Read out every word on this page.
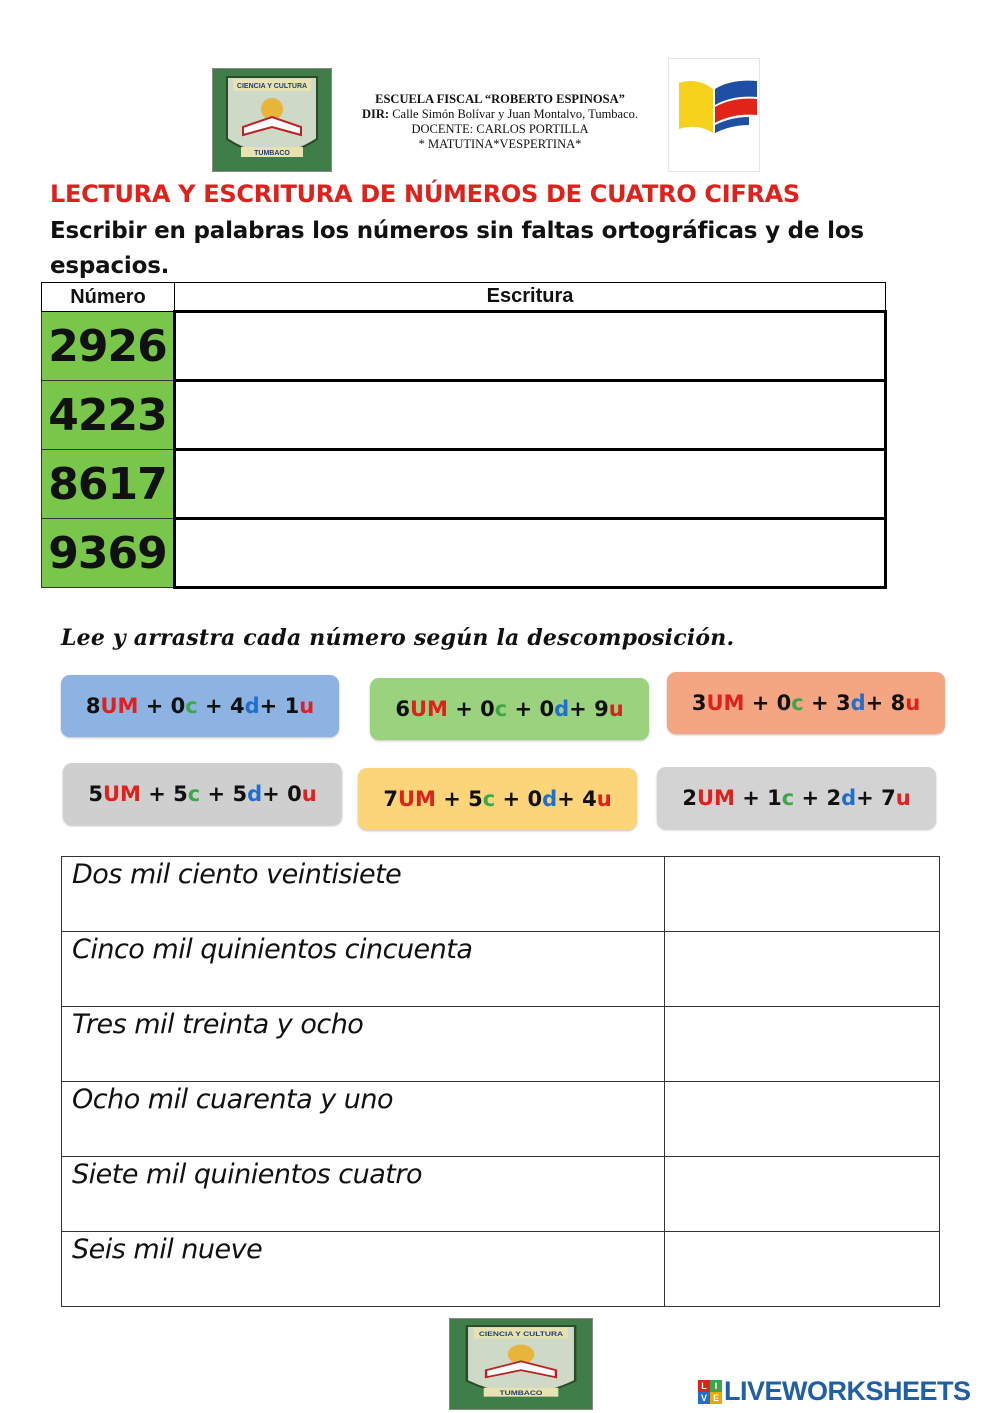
CIENCIA Y CULTURA
TUMBACO
ESCUELA FISCAL “ROBERTO ESPINOSA”
DIR: Calle Simón Bolívar y Juan Montalvo, Tumbaco.
DOCENTE: CARLOS PORTILLA
* MATUTINA*VESPERTINA*
LECTURA Y ESCRITURA DE NÚMEROS DE CUATRO CIFRAS
Escribir en palabras los números sin faltas ortográficas y de los espacios.
Número	Escritura
2926	
4223	
8617	
9369	
Lee y arrastra cada número según la descomposición.
8 UM
+
0 c
+
4 d +
1 u	6 UM
+
0 c
+
0 d +
9 u	3 UM
+
0 c
+
3 d +
8 u
5 UM
+
5 c
+
5 d +
0 u	7 UM
+
5 c
+
0 d +
4 u	2 UM
+
1 c
+
2 d +
7 u
Dos mil ciento veintisiete	
Cinco mil quinientos cincuenta	
Tres mil treinta y ocho	
Ocho mil cuarenta y uno	
Siete mil quinientos cuatro	
Seis mil nueve	
CIENCIA Y CULTURA
TUMBACO
L I
V E LIVEWORKSHEETS
